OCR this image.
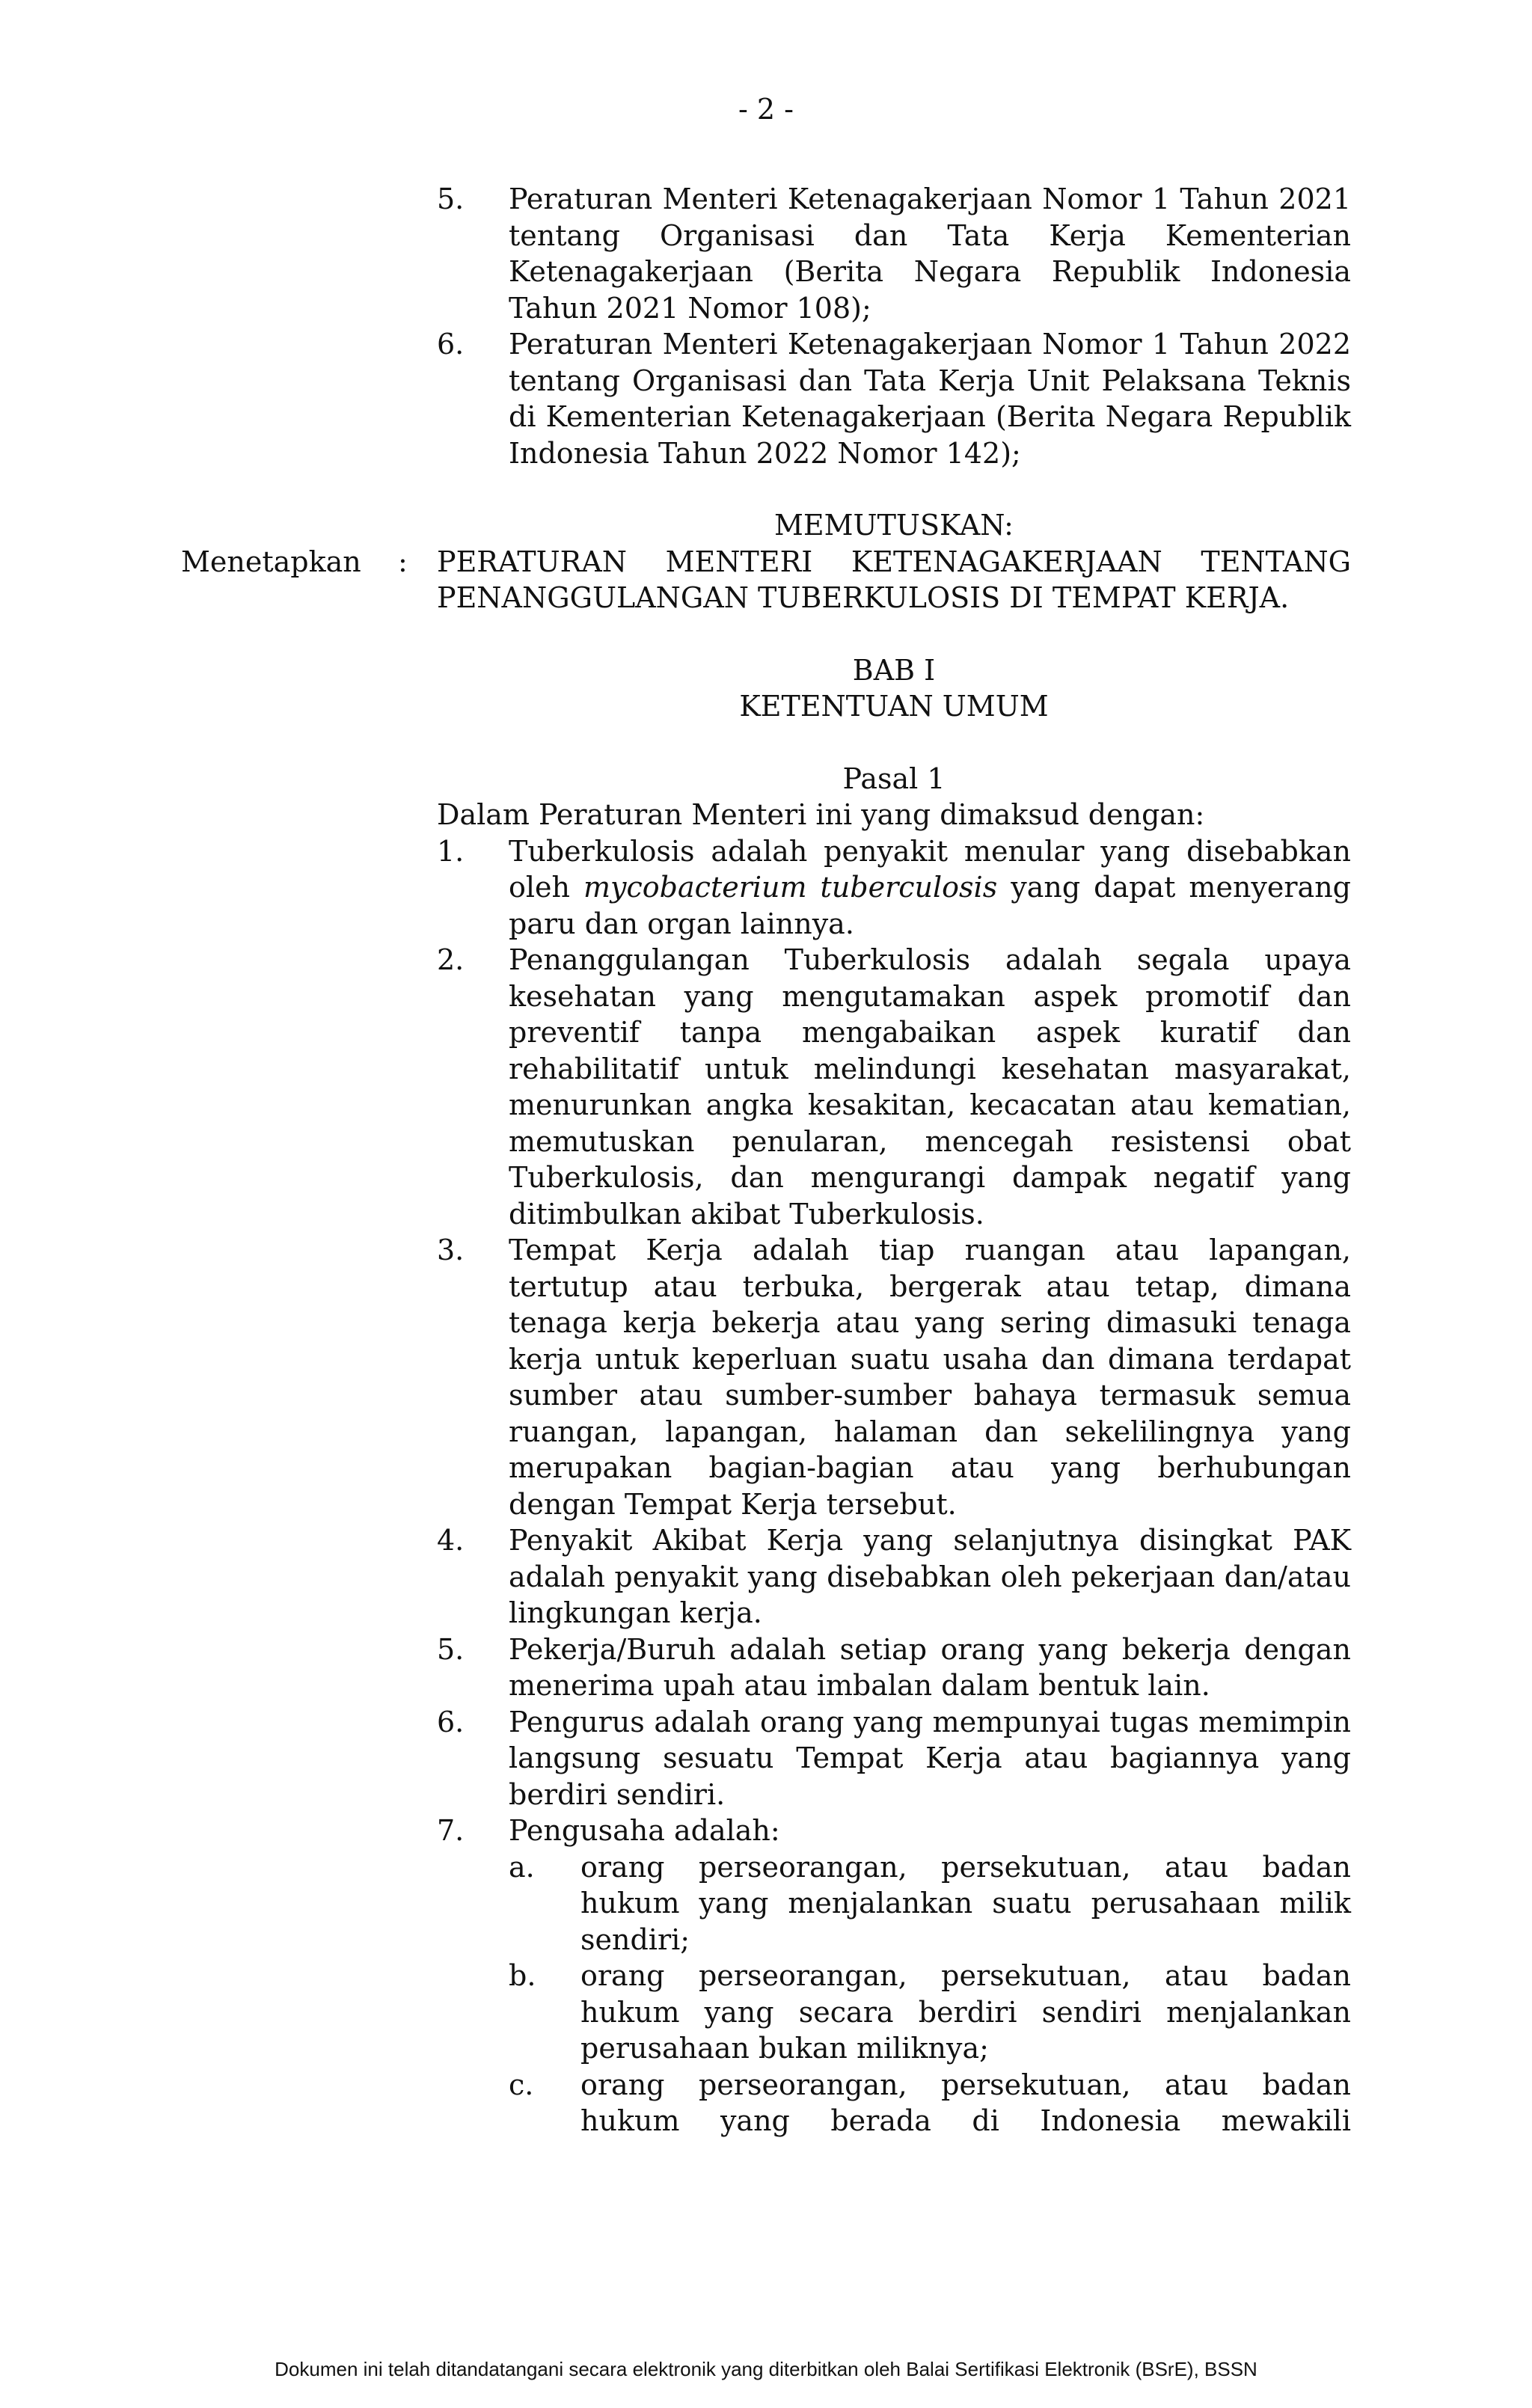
- 2 -
5.	Peraturan Menteri Ketenagakerjaan Nomor 1 Tahun 2021 tentang Organisasi dan Tata Kerja Kementerian Ketenagakerjaan (Berita Negara Republik Indonesia Tahun 2021 Nomor 108);
6.	Peraturan Menteri Ketenagakerjaan Nomor 1 Tahun 2022 tentang Organisasi dan Tata Kerja Unit Pelaksana Teknis di Kementerian Ketenagakerjaan (Berita Negara Republik Indonesia Tahun 2022 Nomor 142);
MEMUTUSKAN:
Menetapkan : PERATURAN MENTERI KETENAGAKERJAAN TENTANG PENANGGULANGAN TUBERKULOSIS DI TEMPAT KERJA.
BAB I
KETENTUAN UMUM
Pasal 1
Dalam Peraturan Menteri ini yang dimaksud dengan:
1.	Tuberkulosis adalah penyakit menular yang disebabkan oleh mycobacterium tuberculosis yang dapat menyerang paru dan organ lainnya.
2.	Penanggulangan Tuberkulosis adalah segala upaya kesehatan yang mengutamakan aspek promotif dan preventif tanpa mengabaikan aspek kuratif dan rehabilitatif untuk melindungi kesehatan masyarakat, menurunkan angka kesakitan, kecacatan atau kematian, memutuskan penularan, mencegah resistensi obat Tuberkulosis, dan mengurangi dampak negatif yang ditimbulkan akibat Tuberkulosis.
3.	Tempat Kerja adalah tiap ruangan atau lapangan, tertutup atau terbuka, bergerak atau tetap, dimana tenaga kerja bekerja atau yang sering dimasuki tenaga kerja untuk keperluan suatu usaha dan dimana terdapat sumber atau sumber-sumber bahaya termasuk semua ruangan, lapangan, halaman dan sekelilingnya yang merupakan bagian-bagian atau yang berhubungan dengan Tempat Kerja tersebut.
4.	Penyakit Akibat Kerja yang selanjutnya disingkat PAK adalah penyakit yang disebabkan oleh pekerjaan dan/atau lingkungan kerja.
5.	Pekerja/Buruh adalah setiap orang yang bekerja dengan menerima upah atau imbalan dalam bentuk lain.
6.	Pengurus adalah orang yang mempunyai tugas memimpin langsung sesuatu Tempat Kerja atau bagiannya yang berdiri sendiri.
7.	Pengusaha adalah:
a.	orang perseorangan, persekutuan, atau badan hukum yang menjalankan suatu perusahaan milik sendiri;
b.	orang perseorangan, persekutuan, atau badan hukum yang secara berdiri sendiri menjalankan perusahaan bukan miliknya;
c.	orang perseorangan, persekutuan, atau badan hukum yang berada di Indonesia mewakili
Dokumen ini telah ditandatangani secara elektronik yang diterbitkan oleh Balai Sertifikasi Elektronik (BSrE), BSSN
